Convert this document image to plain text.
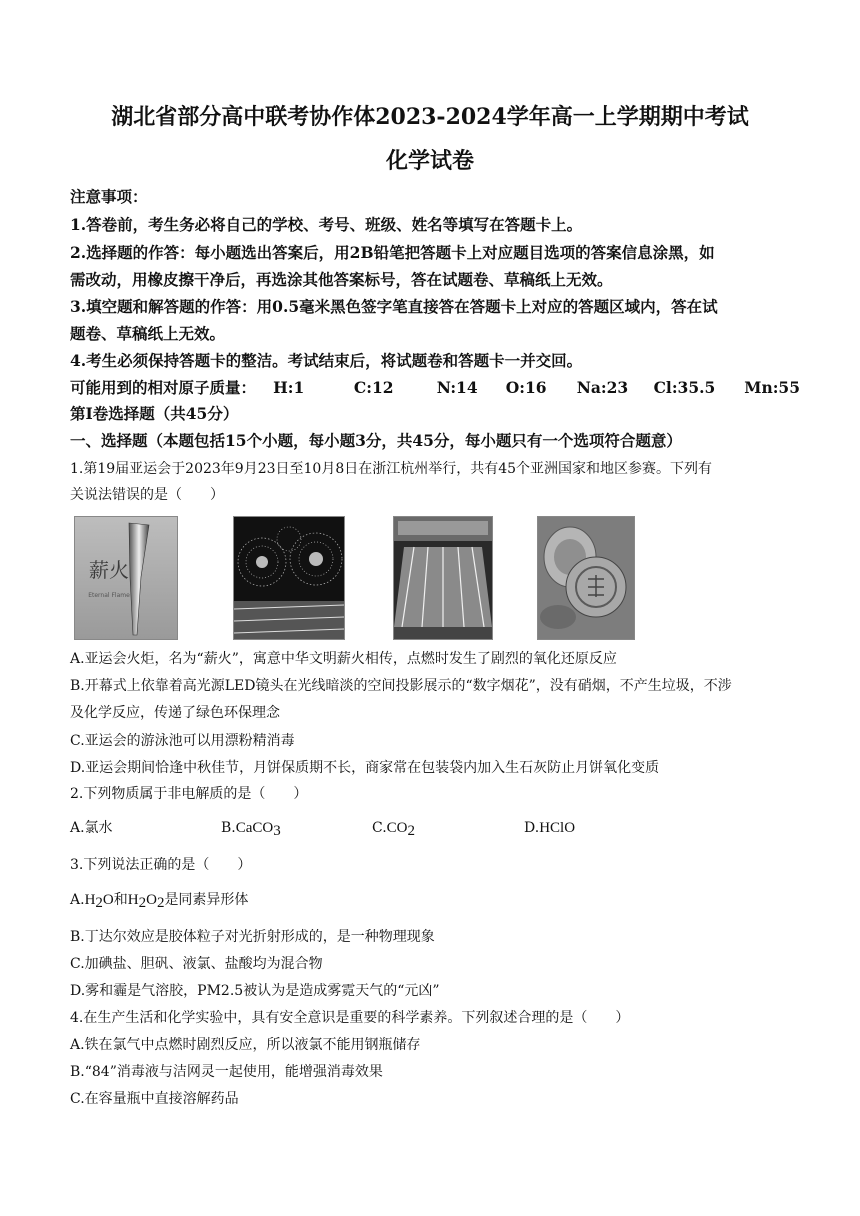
湖北省部分高中联考协作体2023-2024学年高一上学期期中考试
化学试卷
注意事项：
1.答卷前，考生务必将自己的学校、考号、班级、姓名等填写在答题卡上。
2.选择题的作答：每小题选出答案后，用2B铅笔把答题卡上对应题目选项的答案信息涂黑，如
需改动，用橡皮擦干净后，再选涂其他答案标号，答在试题卷、草稿纸上无效。
3.填空题和解答题的作答：用0.5毫米黑色签字笔直接答在答题卡上对应的答题区域内，答在试
题卷、草稿纸上无效。
4.考生必须保持答题卡的整洁。考试结束后，将试题卷和答题卡一并交回。
可能用到的相对原子质量：	H:1	C:12	N:14	O:16	Na:23	Cl:35.5	Mn:55
第Ⅰ卷选择题（共45分）
一、选择题（本题包括15个小题，每小题3分，共45分，每小题只有一个选项符合题意）
1.第19届亚运会于2023年9月23日至10月8日在浙江杭州举行，共有45个亚洲国家和地区参赛。下列有
关说法错误的是（　　）
薪火
Eternal Flame
A.亚运会火炬，名为“薪火”，寓意中华文明薪火相传，点燃时发生了剧烈的氧化还原反应
B.开幕式上依靠着高光源LED镜头在光线暗淡的空间投影展示的“数字烟花”，没有硝烟，不产生垃圾，不涉
及化学反应，传递了绿色环保理念
C.亚运会的游泳池可以用漂粉精消毒
D.亚运会期间恰逢中秋佳节，月饼保质期不长，商家常在包装袋内加入生石灰防止月饼氧化变质
2.下列物质属于非电解质的是（　　）
A.氯水	B.CaCO$_3$	$C.CO_2$	D.HClO
3.下列说法正确的是（　　）
$A.H_2O$和$H_2O_2$是同素异形体
B.丁达尔效应是胶体粒子对光折射形成的，是一种物理现象
C.加碘盐、胆矾、液氯、盐酸均为混合物
D.雾和霾是气溶胶，PM2.5被认为是造成雾霓天气的“元凶”
4.在生产生活和化学实验中，具有安全意识是重要的科学素养。下列叙述合理的是（　　）
A.铁在氯气中点燃时剧烈反应，所以液氯不能用钢瓶储存
B.“84”消毒液与洁网灵一起使用，能增强消毒效果
C.在容量瓶中直接溶解药品
